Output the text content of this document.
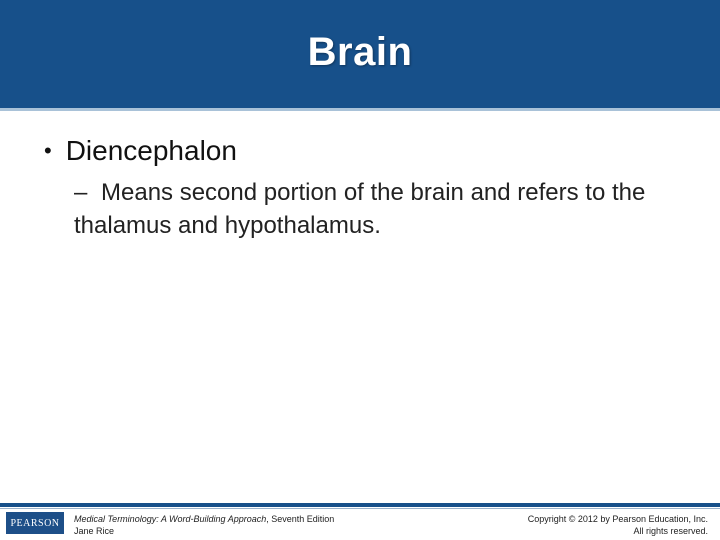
Brain
• Diencephalon
– Means second portion of the brain and refers to the thalamus and hypothalamus.
PEARSON Medical Terminology: A Word-Building Approach, Seventh Edition
Jane Rice
Copyright © 2012 by Pearson Education, Inc.
All rights reserved.
